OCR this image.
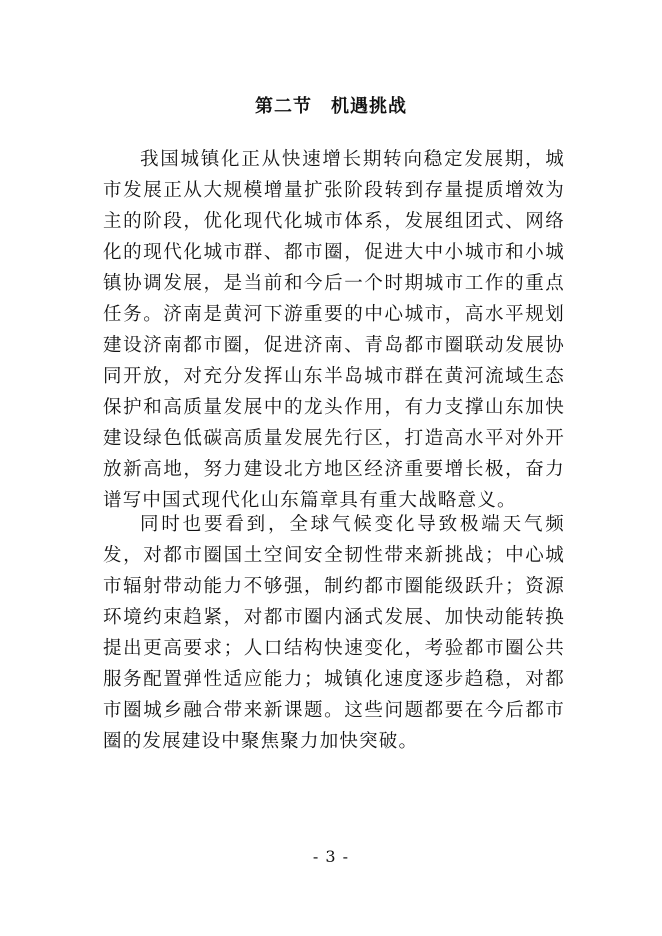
第二节　机遇挑战

我国城镇化正从快速增长期转向稳定发展期，城市发展正从大规模增量扩张阶段转到存量提质增效为主的阶段，优化现代化城市体系，发展组团式、网络化的现代化城市群、都市圈，促进大中小城市和小城镇协调发展，是当前和今后一个时期城市工作的重点任务。济南是黄河下游重要的中心城市，高水平规划建设济南都市圈，促进济南、青岛都市圈联动发展协同开放，对充分发挥山东半岛城市群在黄河流域生态保护和高质量发展中的龙头作用，有力支撑山东加快建设绿色低碳高质量发展先行区，打造高水平对外开放新高地，努力建设北方地区经济重要增长极，奋力谱写中国式现代化山东篇章具有重大战略意义。

同时也要看到，全球气候变化导致极端天气频发，对都市圈国土空间安全韧性带来新挑战；中心城市辐射带动能力不够强，制约都市圈能级跃升；资源环境约束趋紧，对都市圈内涵式发展、加快动能转换提出更高要求；人口结构快速变化，考验都市圈公共服务配置弹性适应能力；城镇化速度逐步趋稳，对都市圈城乡融合带来新课题。这些问题都要在今后都市圈的发展建设中聚焦聚力加快突破。

- 3 -
